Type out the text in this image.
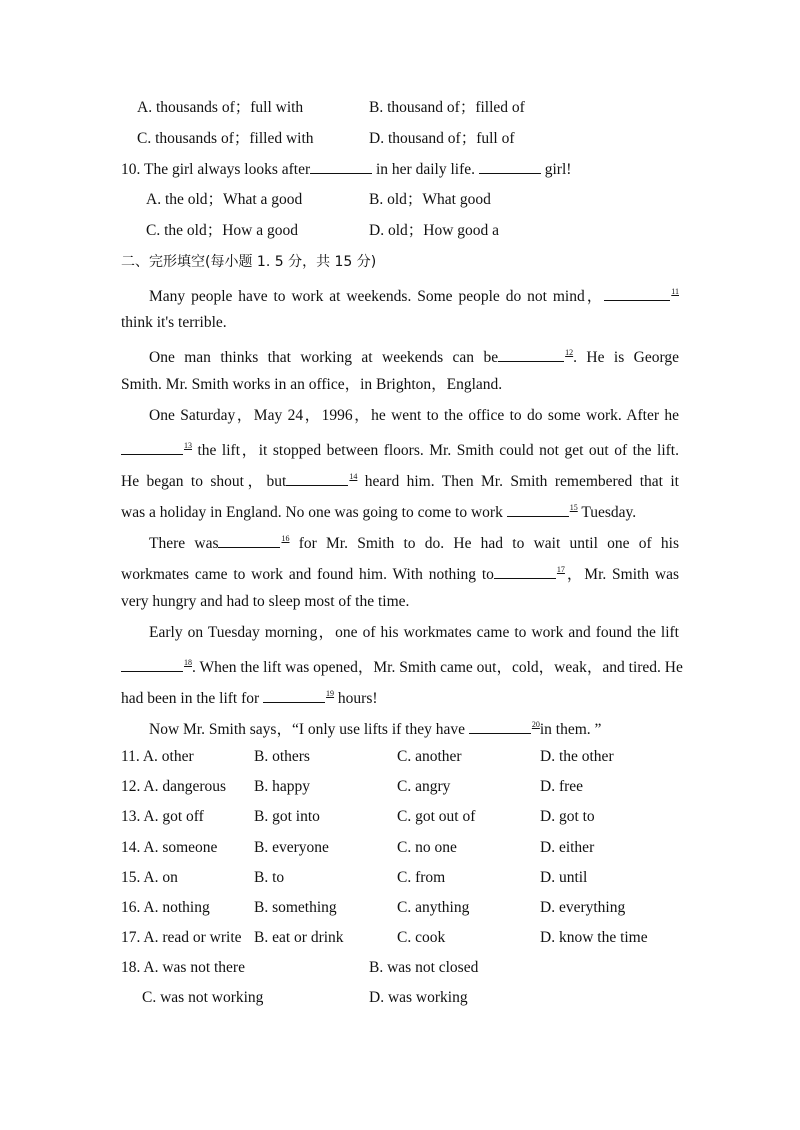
A. thousands of；full with	B. thousand of；filled of
C. thousands of；filled with	D. thousand of；full of
10. The girl always looks after	in her daily life.	girl!
A. the old；What a good	B. old；What good
C. the old；How a good	D. old；How good a
二、完形填空(每小题 1. 5 分，共 15 分)
Many people have to work at weekends. Some people do not mind，	$^{11}$
think it's terrible.
One man thinks that working at weekends can be	$^{12}$. He is George
Smith. Mr. Smith works in an office，in Brighton，England.
One Saturday，May 24，1996，he went to the office to do some work. After he
$^{13}$ the lift，it stopped between floors. Mr. Smith could not get out of the lift.
He began to shout，but	$^{14}$ heard him. Then Mr. Smith remembered that it
was a holiday in England. No one was going to come to work	$^{15}$ Tuesday.
There was	$^{16}$ for Mr. Smith to do. He had to wait until one of his
workmates came to work and found him. With nothing to	$^{17}$，Mr. Smith was
very hungry and had to sleep most of the time.
Early on Tuesday morning，one of his workmates came to work and found the lift
$^{18}$. When the lift was opened，Mr. Smith came out，cold，weak，and tired. He
had been in the lift for	$^{19}$ hours!
Now Mr. Smith says，“I only use lifts if they have	$^{20}$in them. ”
11. A. other	B. others	C. another	D. the other
12. A. dangerous B. happy	C. angry	D. free
13. A. got off	B. got into	C. got out of	D. got to
14. A. someone B. everyone	C. no one	D. either
15. A. on	B. to	C. from	D. until
16. A. nothing	B. something	C. anything	D. everything
17. A. read or write B. eat or drink	C. cook	D. know the time
18. A. was not there	B. was not closed
C. was not working	D. was working
